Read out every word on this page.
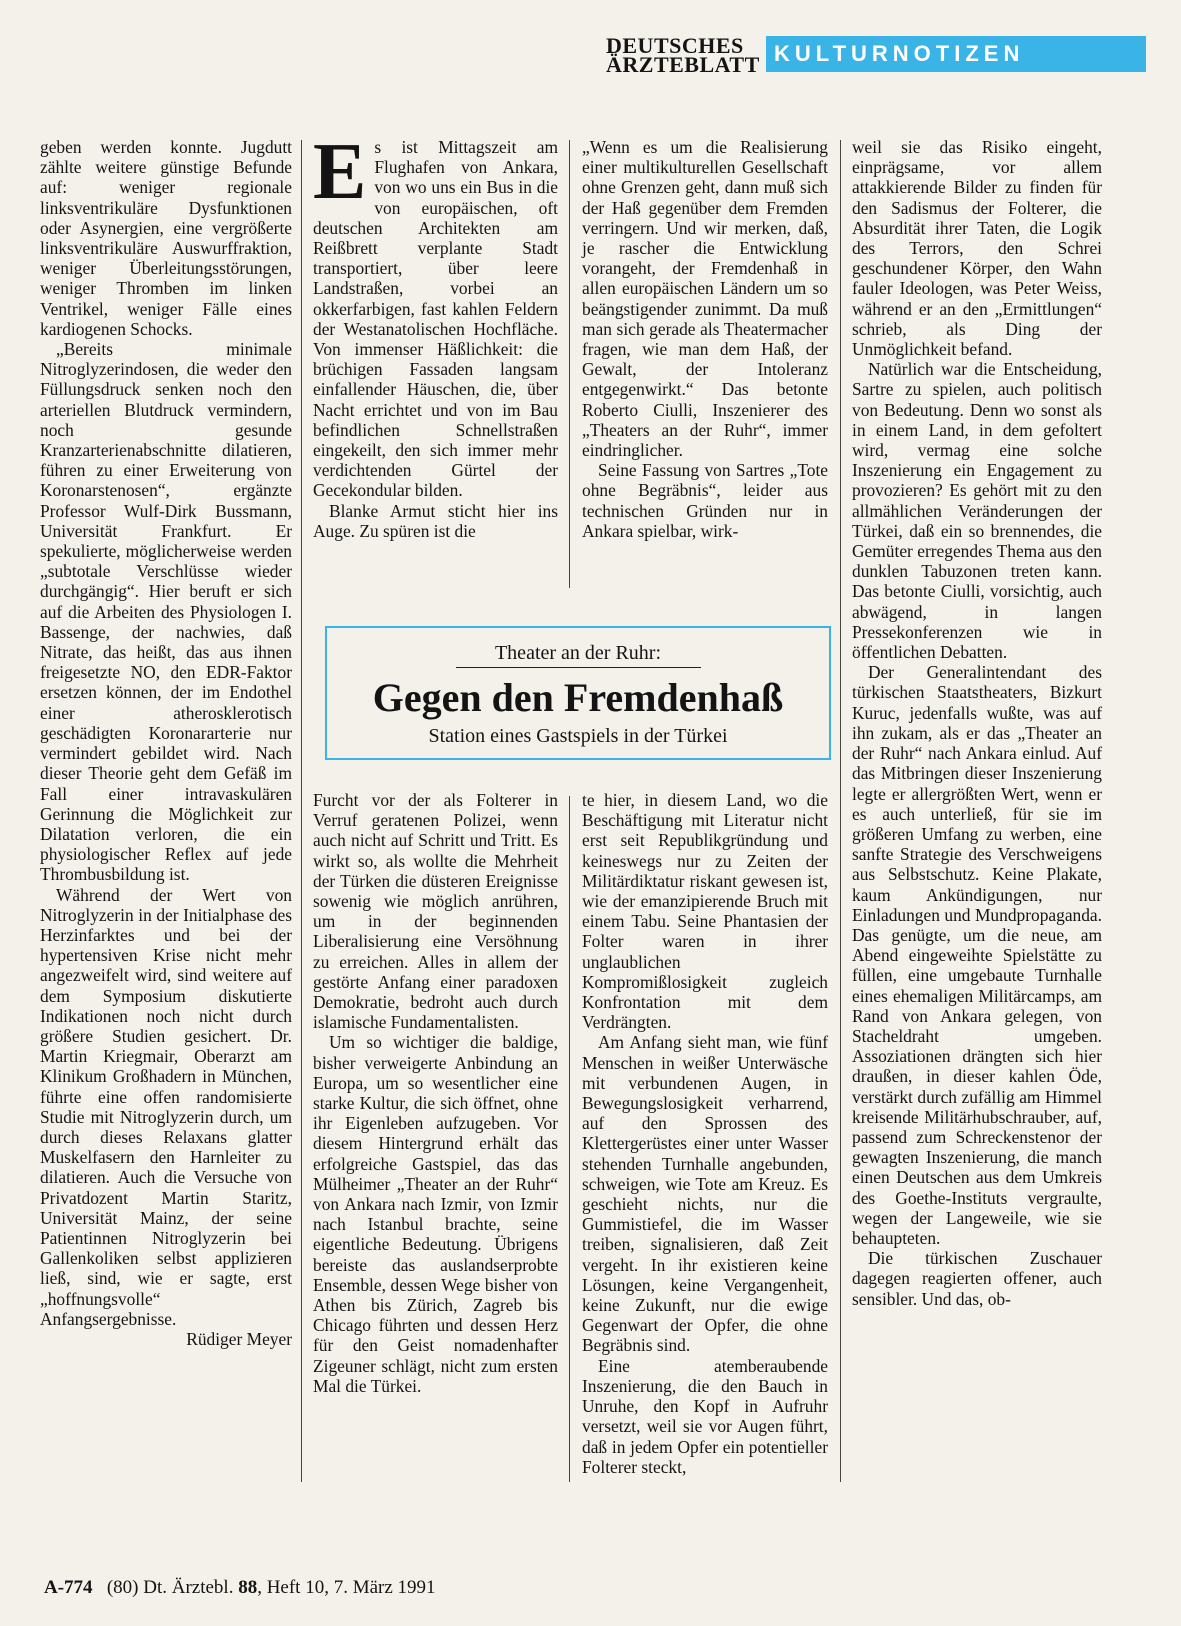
DEUTSCHES
ÄRZTEBLATT KULTURNOTIZEN

geben werden konnte. Jugdutt zählte weitere günstige Befunde auf: weniger regionale linksventrikuläre Dysfunktionen oder Asynergien, eine vergrößerte linksventrikuläre Auswurffraktion, weniger Überleitungsstörungen, weniger Thromben im linken Ventrikel, weniger Fälle eines kardiogenen Schocks.

„Bereits minimale Nitroglyzerindosen, die weder den Füllungsdruck senken noch den arteriellen Blutdruck vermindern, noch gesunde Kranzarterienabschnitte dilatieren, führen zu einer Erweiterung von Koronarstenosen“, ergänzte Professor Wulf-Dirk Bussmann, Universität Frankfurt. Er spekulierte, möglicherweise werden „subtotale Verschlüsse wieder durchgängig“. Hier beruft er sich auf die Arbeiten des Physiologen I. Bassenge, der nachwies, daß Nitrate, das heißt, das aus ihnen freigesetzte NO, den EDR-Faktor ersetzen können, der im Endothel einer atherosklerotisch geschädigten Koronararterie nur vermindert gebildet wird. Nach dieser Theorie geht dem Gefäß im Fall einer intravaskulären Gerinnung die Möglichkeit zur Dilatation verloren, die ein physiologischer Reflex auf jede Thrombusbildung ist.

Während der Wert von Nitroglyzerin in der Initialphase des Herzinfarktes und bei der hypertensiven Krise nicht mehr angezweifelt wird, sind weitere auf dem Symposium diskutierte Indikationen noch nicht durch größere Studien gesichert. Dr. Martin Kriegmair, Oberarzt am Klinikum Großhadern in München, führte eine offen randomisierte Studie mit Nitroglyzerin durch, um durch dieses Relaxans glatter Muskelfasern den Harnleiter zu dilatieren. Auch die Versuche von Privatdozent Martin Staritz, Universität Mainz, der seine Patientinnen Nitroglyzerin bei Gallenkoliken selbst applizieren ließ, sind, wie er sagte, erst „hoffnungsvolle“ Anfangsergebnisse.

Rüdiger Meyer

Es ist Mittagszeit am Flughafen von Ankara, von wo uns ein Bus in die von europäischen, oft deutschen Architekten am Reißbrett verplante Stadt transportiert, über leere Landstraßen, vorbei an okkerfarbigen, fast kahlen Feldern der Westanatolischen Hochfläche. Von immenser Häßlichkeit: die brüchigen Fassaden langsam einfallender Häuschen, die, über Nacht errichtet und von im Bau befindlichen Schnellstraßen eingekeilt, den sich immer mehr verdichtenden Gürtel der Gecekondular bilden.

Blanke Armut sticht hier ins Auge. Zu spüren ist die

„Wenn es um die Realisierung einer multikulturellen Gesellschaft ohne Grenzen geht, dann muß sich der Haß gegenüber dem Fremden verringern. Und wir merken, daß, je rascher die Entwicklung vorangeht, der Fremdenhaß in allen europäischen Ländern um so beängstigender zunimmt. Da muß man sich gerade als Theatermacher fragen, wie man dem Haß, der Gewalt, der Intoleranz entgegenwirkt.“ Das betonte Roberto Ciulli, Inszenierer des „Theaters an der Ruhr“, immer eindringlicher.

Seine Fassung von Sartres „Tote ohne Begräbnis“, leider aus technischen Gründen nur in Ankara spielbar, wirk-

Theater an der Ruhr:
Gegen den Fremdenhaß
Station eines Gastspiels in der Türkei

Furcht vor der als Folterer in Verruf geratenen Polizei, wenn auch nicht auf Schritt und Tritt. Es wirkt so, als wollte die Mehrheit der Türken die düsteren Ereignisse sowenig wie möglich anrühren, um in der beginnenden Liberalisierung eine Versöhnung zu erreichen. Alles in allem der gestörte Anfang einer paradoxen Demokratie, bedroht auch durch islamische Fundamentalisten.

Um so wichtiger die baldige, bisher verweigerte Anbindung an Europa, um so wesentlicher eine starke Kultur, die sich öffnet, ohne ihr Eigenleben aufzugeben. Vor diesem Hintergrund erhält das erfolgreiche Gastspiel, das das Mülheimer „Theater an der Ruhr“ von Ankara nach Izmir, von Izmir nach Istanbul brachte, seine eigentliche Bedeutung. Übrigens bereiste das auslandserprobte Ensemble, dessen Wege bisher von Athen bis Zürich, Zagreb bis Chicago führten und dessen Herz für den Geist nomadenhafter Zigeuner schlägt, nicht zum ersten Mal die Türkei.

te hier, in diesem Land, wo die Beschäftigung mit Literatur nicht erst seit Republikgründung und keineswegs nur zu Zeiten der Militärdiktatur riskant gewesen ist, wie der emanzipierende Bruch mit einem Tabu. Seine Phantasien der Folter waren in ihrer unglaublichen Kompromißlosigkeit zugleich Konfrontation mit dem Verdrängten.

Am Anfang sieht man, wie fünf Menschen in weißer Unterwäsche mit verbundenen Augen, in Bewegungslosigkeit verharrend, auf den Sprossen des Klettergerüstes einer unter Wasser stehenden Turnhalle angebunden, schweigen, wie Tote am Kreuz. Es geschieht nichts, nur die Gummistiefel, die im Wasser treiben, signalisieren, daß Zeit vergeht. In ihr existieren keine Lösungen, keine Vergangenheit, keine Zukunft, nur die ewige Gegenwart der Opfer, die ohne Begräbnis sind.

Eine atemberaubende Inszenierung, die den Bauch in Unruhe, den Kopf in Aufruhr versetzt, weil sie vor Augen führt, daß in jedem Opfer ein potentieller Folterer steckt,

weil sie das Risiko eingeht, einprägsame, vor allem attakkierende Bilder zu finden für den Sadismus der Folterer, die Absurdität ihrer Taten, die Logik des Terrors, den Schrei geschundener Körper, den Wahn fauler Ideologen, was Peter Weiss, während er an den „Ermittlungen“ schrieb, als Ding der Unmöglichkeit befand.

Natürlich war die Entscheidung, Sartre zu spielen, auch politisch von Bedeutung. Denn wo sonst als in einem Land, in dem gefoltert wird, vermag eine solche Inszenierung ein Engagement zu provozieren? Es gehört mit zu den allmählichen Veränderungen der Türkei, daß ein so brennendes, die Gemüter erregendes Thema aus den dunklen Tabuzonen treten kann. Das betonte Ciulli, vorsichtig, auch abwägend, in langen Pressekonferenzen wie in öffentlichen Debatten.

Der Generalintendant des türkischen Staatstheaters, Bizkurt Kuruc, jedenfalls wußte, was auf ihn zukam, als er das „Theater an der Ruhr“ nach Ankara einlud. Auf das Mitbringen dieser Inszenierung legte er allergrößten Wert, wenn er es auch unterließ, für sie im größeren Umfang zu werben, eine sanfte Strategie des Verschweigens aus Selbstschutz. Keine Plakate, kaum Ankündigungen, nur Einladungen und Mundpropaganda. Das genügte, um die neue, am Abend eingeweihte Spielstätte zu füllen, eine umgebaute Turnhalle eines ehemaligen Militärcamps, am Rand von Ankara gelegen, von Stacheldraht umgeben. Assoziationen drängten sich hier draußen, in dieser kahlen Öde, verstärkt durch zufällig am Himmel kreisende Militärhubschrauber, auf, passend zum Schreckenstenor der gewagten Inszenierung, die manch einen Deutschen aus dem Umkreis des Goethe-Instituts vergraulte, wegen der Langeweile, wie sie behaupteten.

Die türkischen Zuschauer dagegen reagierten offener, auch sensibler. Und das, ob-

A-774 (80) Dt. Ärztebl. 88, Heft 10, 7. März 1991
